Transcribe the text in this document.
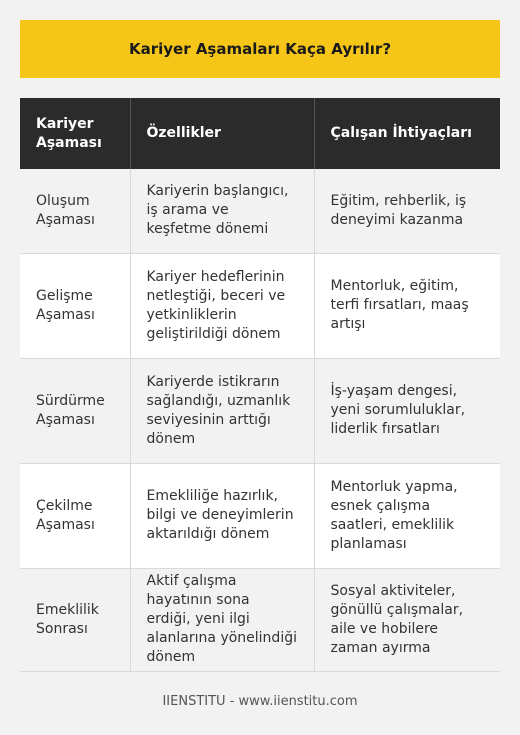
Kariyer Aşamaları Kaça Ayrılır?
Kariyer Aşaması	Özellikler	Çalışan İhtiyaçları
Oluşum Aşaması	Kariyerin başlangıcı, iş arama ve keşfetme dönemi	Eğitim, rehberlik, iş deneyimi kazanma
Gelişme Aşaması	Kariyer hedeflerinin netleştiği, beceri ve yetkinliklerin geliştirildiği dönem	Mentorluk, eğitim, terfi fırsatları, maaş artışı
Sürdürme Aşaması	Kariyerde istikrarın sağlandığı, uzmanlık seviyesinin arttığı dönem	İş-yaşam dengesi, yeni sorumluluklar, liderlik fırsatları
Çekilme Aşaması	Emekliliğe hazırlık, bilgi ve deneyimlerin aktarıldığı dönem	Mentorluk yapma, esnek çalışma saatleri, emeklilik planlaması
Emeklilik Sonrası	Aktif çalışma hayatının sona erdiği, yeni ilgi alanlarına yönelindiği dönem	Sosyal aktiviteler, gönüllü çalışmalar, aile ve hobilere zaman ayırma
IIENSTITU - www.iienstitu.com
